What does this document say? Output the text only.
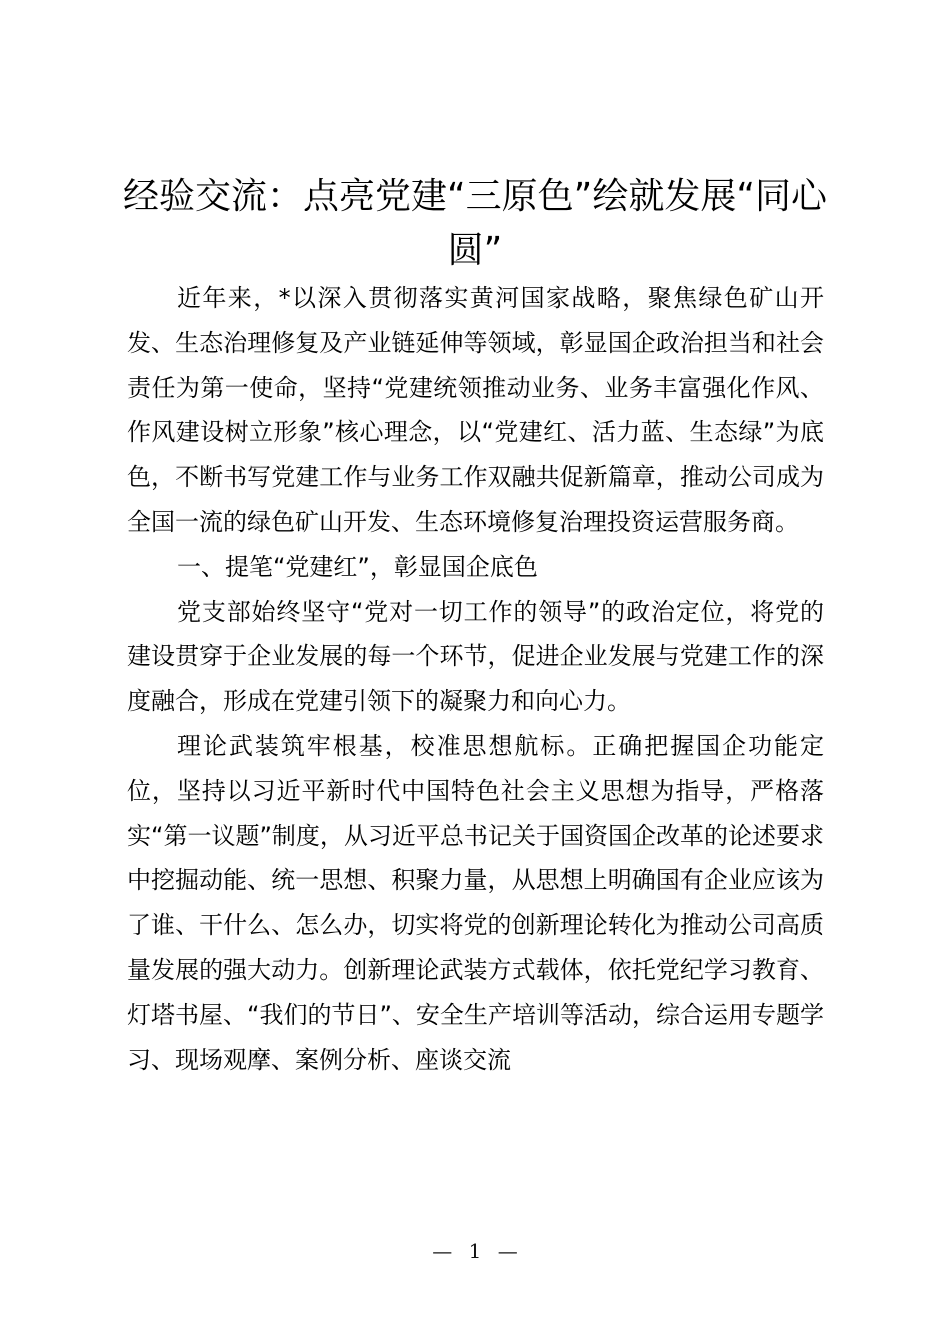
经验交流：点亮党建“三原色”绘就发展“同心圆”

近年来，*以深入贯彻落实黄河国家战略，聚焦绿色矿山开发、生态治理修复及产业链延伸等领域，彰显国企政治担当和社会责任为第一使命，坚持“党建统领推动业务、业务丰富强化作风、作风建设树立形象”核心理念，以“党建红、活力蓝、生态绿”为底色，不断书写党建工作与业务工作双融共促新篇章，推动公司成为全国一流的绿色矿山开发、生态环境修复治理投资运营服务商。

一、提笔“党建红”，彰显国企底色

党支部始终坚守“党对一切工作的领导”的政治定位，将党的建设贯穿于企业发展的每一个环节，促进企业发展与党建工作的深度融合，形成在党建引领下的凝聚力和向心力。

理论武装筑牢根基，校准思想航标。正确把握国企功能定位，坚持以习近平新时代中国特色社会主义思想为指导，严格落实“第一议题”制度，从习近平总书记关于国资国企改革的论述要求中挖掘动能、统一思想、积聚力量，从思想上明确国有企业应该为了谁、干什么、怎么办，切实将党的创新理论转化为推动公司高质量发展的强大动力。创新理论武装方式载体，依托党纪学习教育、灯塔书屋、“我们的节日”、安全生产培训等活动，综合运用专题学习、现场观摩、案例分析、座谈交流

— 1 —
